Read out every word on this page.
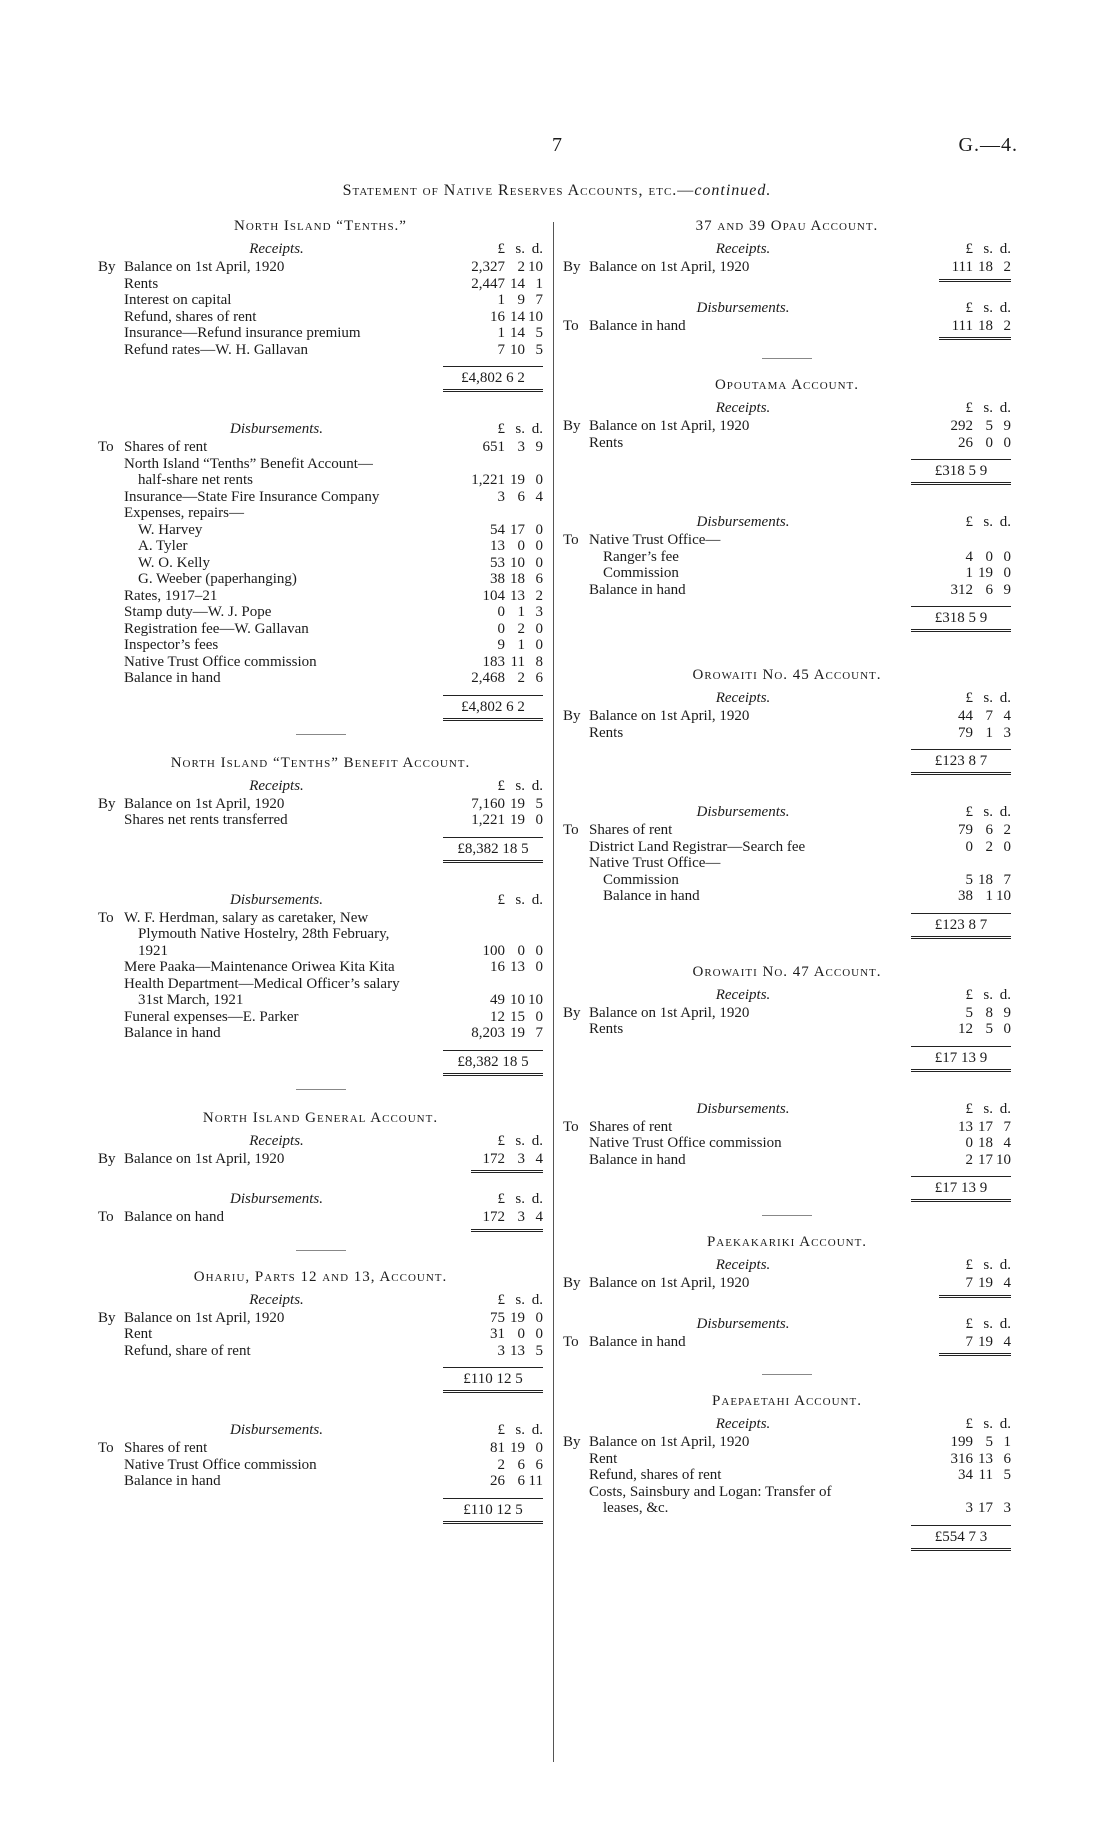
7	G.—4.
Statement of Native Reserves Accounts, etc.—continued.
North Island “Tenths.”
Receipts.	£ s. d.
By Balance on 1st April, 1920	2,327 2 10
Rents	2,447 14 1
Interest on capital	1 9 7
Refund, shares of rent	16 14 10
Insurance—Refund insurance premium	1 14 5
Refund rates—W. H. Gallavan	7 10 5
£4,802 6 2
Disbursements.	£ s. d.
To Shares of rent	651 3 9
North Island “Tenths” Benefit Account—
half-share net rents	1,221 19 0
Insurance—State Fire Insurance Company	3 6 4
Expenses, repairs—
W. Harvey	54 17 0
A. Tyler	13 0 0
W. O. Kelly	53 10 0
G. Weeber (paperhanging)	38 18 6
Rates, 1917–21	104 13 2
Stamp duty—W. J. Pope	0 1 3
Registration fee—W. Gallavan	0 2 0
Inspector’s fees	9 1 0
Native Trust Office commission	183 11 8
Balance in hand	2,468 2 6
£4,802 6 2
North Island “Tenths” Benefit Account.
Receipts.	£ s. d.
By Balance on 1st April, 1920	7,160 19 5
Shares net rents transferred	1,221 19 0
£8,382 18 5
Disbursements.	£ s. d.
To W. F. Herdman, salary as caretaker, New
Plymouth Native Hostelry, 28th February,
1921	100 0 0
Mere Paaka—Maintenance Oriwea Kita Kita	16 13 0
Health Department—Medical Officer’s salary
31st March, 1921	49 10 10
Funeral expenses—E. Parker	12 15 0
Balance in hand	8,203 19 7
£8,382 18 5
North Island General Account.
Receipts.	£ s. d.
By Balance on 1st April, 1920	172 3 4
Disbursements.	£ s. d.
To Balance on hand	172 3 4
Ohariu, Parts 12 and 13, Account.
Receipts.	£ s. d.
By Balance on 1st April, 1920	75 19 0
Rent	31 0 0
Refund, share of rent	3 13 5
£110 12 5
Disbursements.	£ s. d.
To Shares of rent	81 19 0
Native Trust Office commission	2 6 6
Balance in hand	26 6 11
£110 12 5
37 and 39 Opau Account.
Receipts.	£ s. d.
By Balance on 1st April, 1920	111 18 2
Disbursements.	£ s. d.
To Balance in hand	111 18 2
Opoutama Account.
Receipts.	£ s. d.
By Balance on 1st April, 1920	292 5 9
Rents	26 0 0
£318 5 9
Disbursements.	£ s. d.
To Native Trust Office—
Ranger’s fee	4 0 0
Commission	1 19 0
Balance in hand	312 6 9
£318 5 9
Orowaiti No. 45 Account.
Receipts.	£ s. d.
By Balance on 1st April, 1920	44 7 4
Rents	79 1 3
£123 8 7
Disbursements.	£ s. d.
To Shares of rent	79 6 2
District Land Registrar—Search fee	0 2 0
Native Trust Office—
Commission	5 18 7
Balance in hand	38 1 10
£123 8 7
Orowaiti No. 47 Account.
Receipts.	£ s. d.
By Balance on 1st April, 1920	5 8 9
Rents	12 5 0
£17 13 9
Disbursements.	£ s. d.
To Shares of rent	13 17 7
Native Trust Office commission	0 18 4
Balance in hand	2 17 10
£17 13 9
Paekakariki Account.
Receipts.	£ s. d.
By Balance on 1st April, 1920	7 19 4
Disbursements.	£ s. d.
To Balance in hand	7 19 4
Paepaetahi Account.
Receipts.	£ s. d.
By Balance on 1st April, 1920	199 5 1
Rent	316 13 6
Refund, shares of rent	34 11 5
Costs, Sainsbury and Logan: Transfer of
leases, &c.	3 17 3
£554 7 3
